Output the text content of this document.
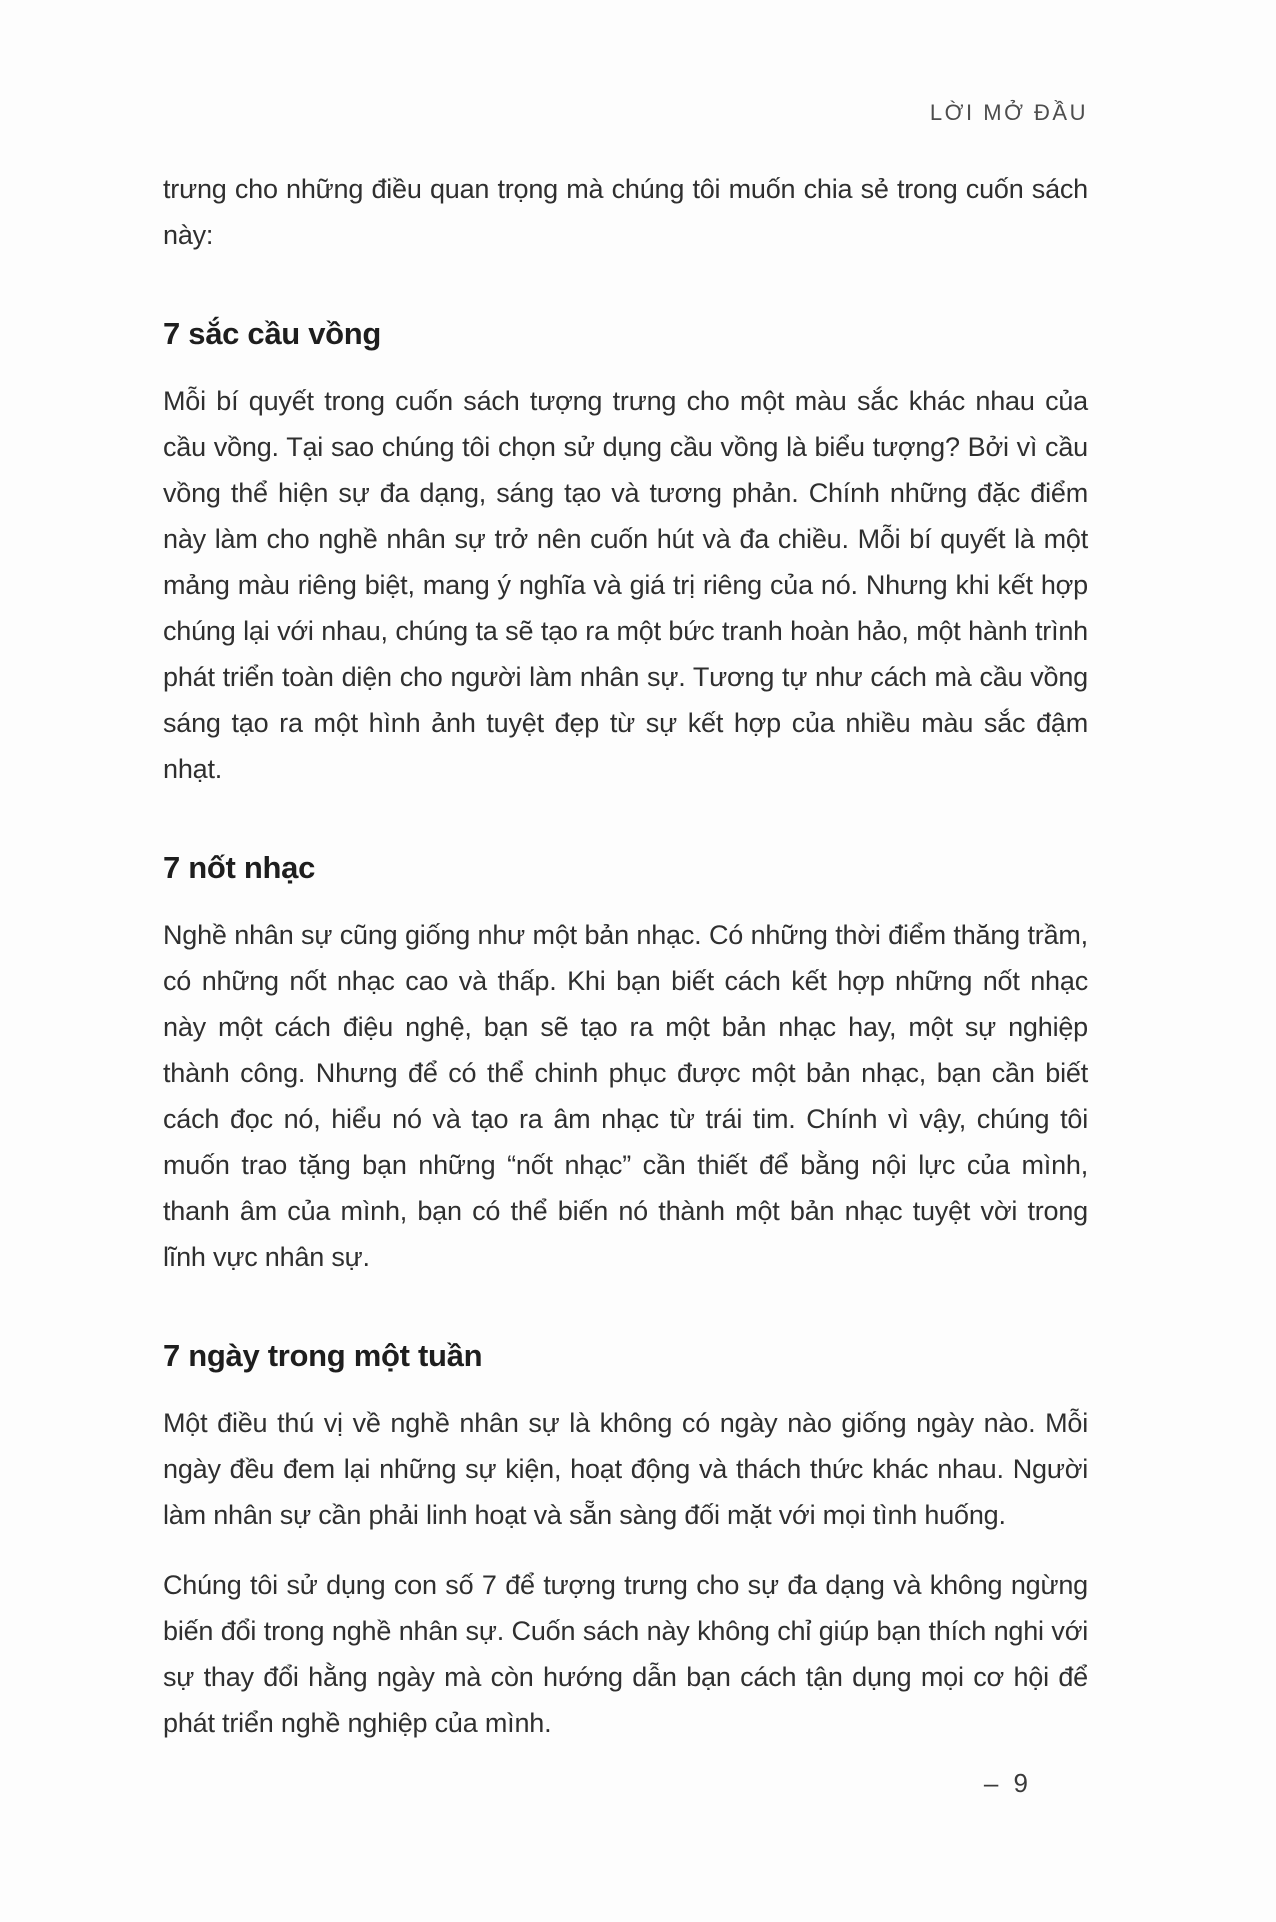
LỜI MỞ ĐẦU

trưng cho những điều quan trọng mà chúng tôi muốn chia sẻ trong cuốn sách này:

7 sắc cầu vồng

Mỗi bí quyết trong cuốn sách tượng trưng cho một màu sắc khác nhau của cầu vồng. Tại sao chúng tôi chọn sử dụng cầu vồng là biểu tượng? Bởi vì cầu vồng thể hiện sự đa dạng, sáng tạo và tương phản. Chính những đặc điểm này làm cho nghề nhân sự trở nên cuốn hút và đa chiều. Mỗi bí quyết là một mảng màu riêng biệt, mang ý nghĩa và giá trị riêng của nó. Nhưng khi kết hợp chúng lại với nhau, chúng ta sẽ tạo ra một bức tranh hoàn hảo, một hành trình phát triển toàn diện cho người làm nhân sự. Tương tự như cách mà cầu vồng sáng tạo ra một hình ảnh tuyệt đẹp từ sự kết hợp của nhiều màu sắc đậm nhạt.

7 nốt nhạc

Nghề nhân sự cũng giống như một bản nhạc. Có những thời điểm thăng trầm, có những nốt nhạc cao và thấp. Khi bạn biết cách kết hợp những nốt nhạc này một cách điệu nghệ, bạn sẽ tạo ra một bản nhạc hay, một sự nghiệp thành công. Nhưng để có thể chinh phục được một bản nhạc, bạn cần biết cách đọc nó, hiểu nó và tạo ra âm nhạc từ trái tim. Chính vì vậy, chúng tôi muốn trao tặng bạn những “nốt nhạc” cần thiết để bằng nội lực của mình, thanh âm của mình, bạn có thể biến nó thành một bản nhạc tuyệt vời trong lĩnh vực nhân sự.

7 ngày trong một tuần

Một điều thú vị về nghề nhân sự là không có ngày nào giống ngày nào. Mỗi ngày đều đem lại những sự kiện, hoạt động và thách thức khác nhau. Người làm nhân sự cần phải linh hoạt và sẵn sàng đối mặt với mọi tình huống.

Chúng tôi sử dụng con số 7 để tượng trưng cho sự đa dạng và không ngừng biến đổi trong nghề nhân sự. Cuốn sách này không chỉ giúp bạn thích nghi với sự thay đổi hằng ngày mà còn hướng dẫn bạn cách tận dụng mọi cơ hội để phát triển nghề nghiệp của mình.

– 9
